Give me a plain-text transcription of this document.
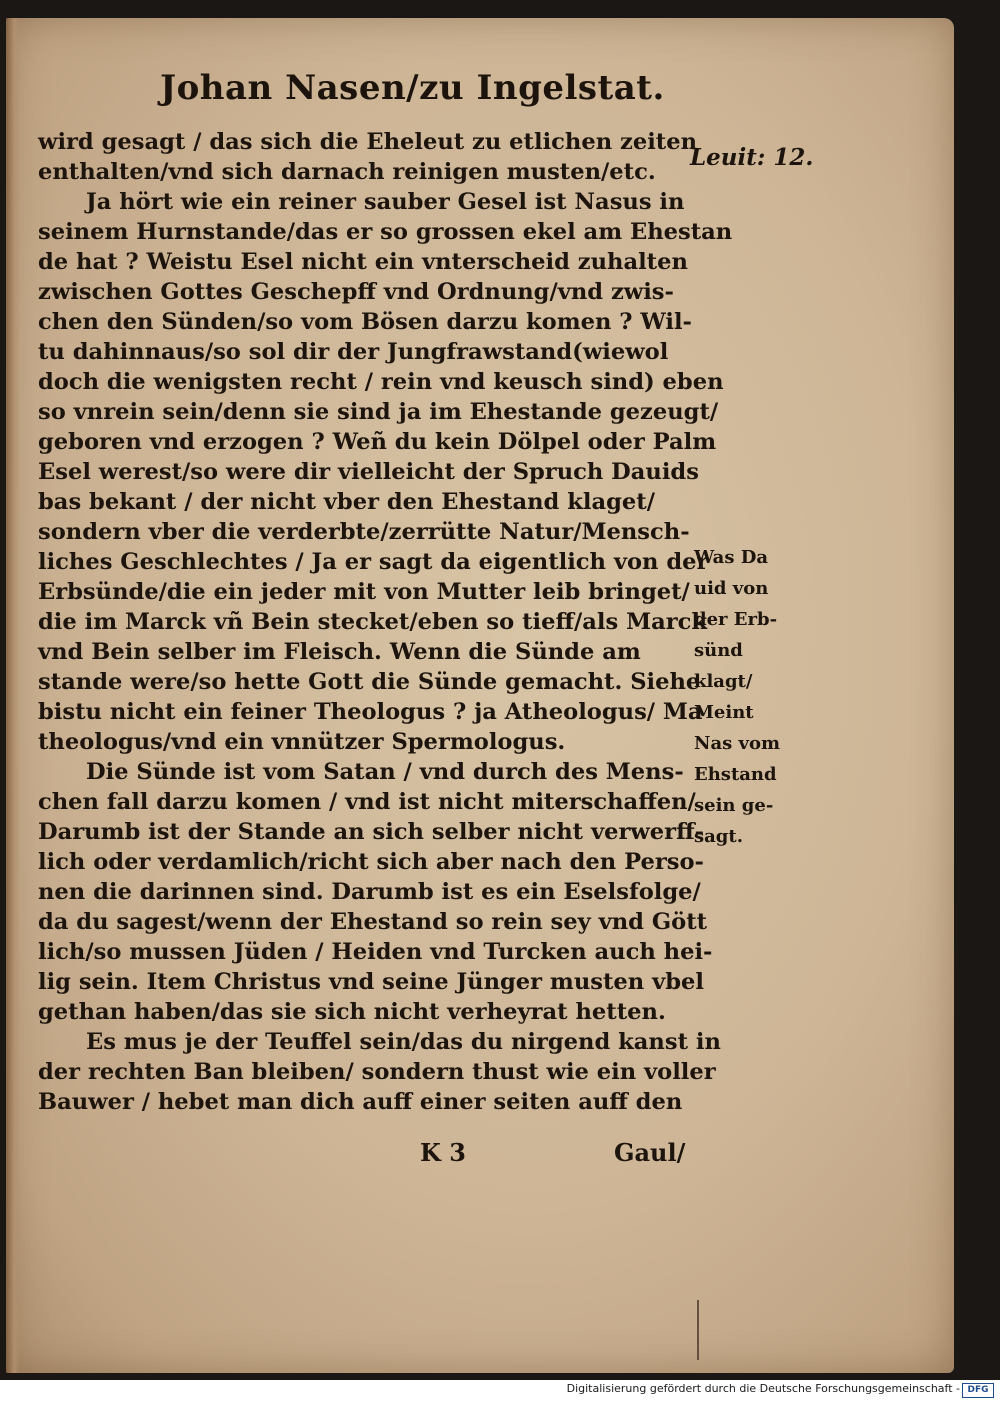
Johan Nasen/zu Ingelstat.
Leuit: 12.
wird gesagt / das sich die Eheleut zu etlichen zeiten
enthalten/vnd sich darnach reinigen musten/etc.
Ja hört wie ein reiner sauber Gesel ist Nasus in
seinem Hurnstande/das er so grossen ekel am Ehestan
de hat ? Weistu Esel nicht ein vnterscheid zuhalten
zwischen Gottes Geschepff vnd Ordnung/vnd zwis-
chen den Sünden/so vom Bösen darzu komen ? Wil-
tu dahinnaus/so sol dir der Jungfrawstand(wiewol
doch die wenigsten recht / rein vnd keusch sind) eben
so vnrein sein/denn sie sind ja im Ehestande gezeugt/
geboren vnd erzogen ? Weñ du kein Dölpel oder Palm
Esel werest/so were dir vielleicht der Spruch Dauids
bas bekant / der nicht vber den Ehestand klaget/
sondern vber die verderbte/zerrütte Natur/Mensch-
liches Geschlechtes / Ja er sagt da eigentlich von der
Erbsünde/die ein jeder mit von Mutter leib bringet/
die im Marck vñ Bein stecket/eben so tieff/als Marck
vnd Bein selber im Fleisch. Wenn die Sünde am
stande were/so hette Gott die Sünde gemacht. Siehe
bistu nicht ein feiner Theologus ? ja Atheologus/ Ma
theologus/vnd ein vnnützer Spermologus.
Die Sünde ist vom Satan / vnd durch des Mens-
chen fall darzu komen / vnd ist nicht miterschaffen/
Darumb ist der Stande an sich selber nicht verwerff-
lich oder verdamlich/richt sich aber nach den Perso-
nen die darinnen sind. Darumb ist es ein Eselsfolge/
da du sagest/wenn der Ehestand so rein sey vnd Gött
lich/so mussen Jüden / Heiden vnd Turcken auch hei-
lig sein. Item Christus vnd seine Jünger musten vbel
gethan haben/das sie sich nicht verheyrat hetten.
Es mus je der Teuffel sein/das du nirgend kanst in
der rechten Ban bleiben/ sondern thust wie ein voller
Bauwer / hebet man dich auff einer seiten auff den
Was Da
uid von
der Erb-
sünd
klagt/
Meint
Nas vom
Ehstand
sein ge-
sagt.
K 3	Gaul/
Digitalisierung gefördert durch die Deutsche Forschungsgemeinschaft - DFG
